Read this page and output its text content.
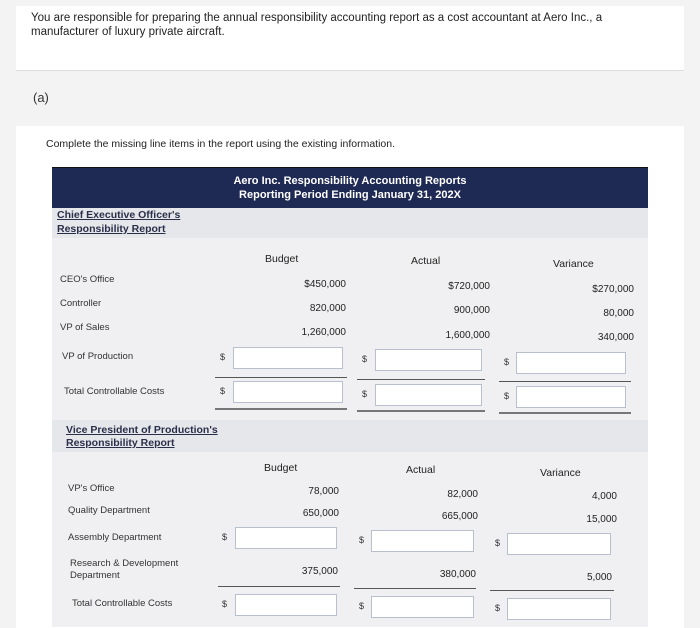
You are responsible for preparing the annual responsibility accounting report as a cost accountant at Aero Inc., a manufacturer of luxury private aircraft.
(a)
Complete the missing line items in the report using the existing information.
Aero Inc. Responsibility Accounting Reports
Reporting Period Ending January 31, 202X
Chief Executive Officer's
Responsibility Report
Budget	Actual	Variance
CEO's Office	$450,000	$720,000	$270,000
Controller	820,000	900,000	80,000
VP of Sales	1,260,000	1,600,000	340,000
VP of Production	$	$	$
Total Controllable Costs	$	$	$
Vice President of Production's
Responsibility Report
Budget	Actual	Variance
VP's Office	78,000	82,000	4,000
Quality Department	650,000	665,000	15,000
Assembly Department	$	$	$
Research & Development
Department	375,000	380,000	5,000
Total Controllable Costs	$	$	$
